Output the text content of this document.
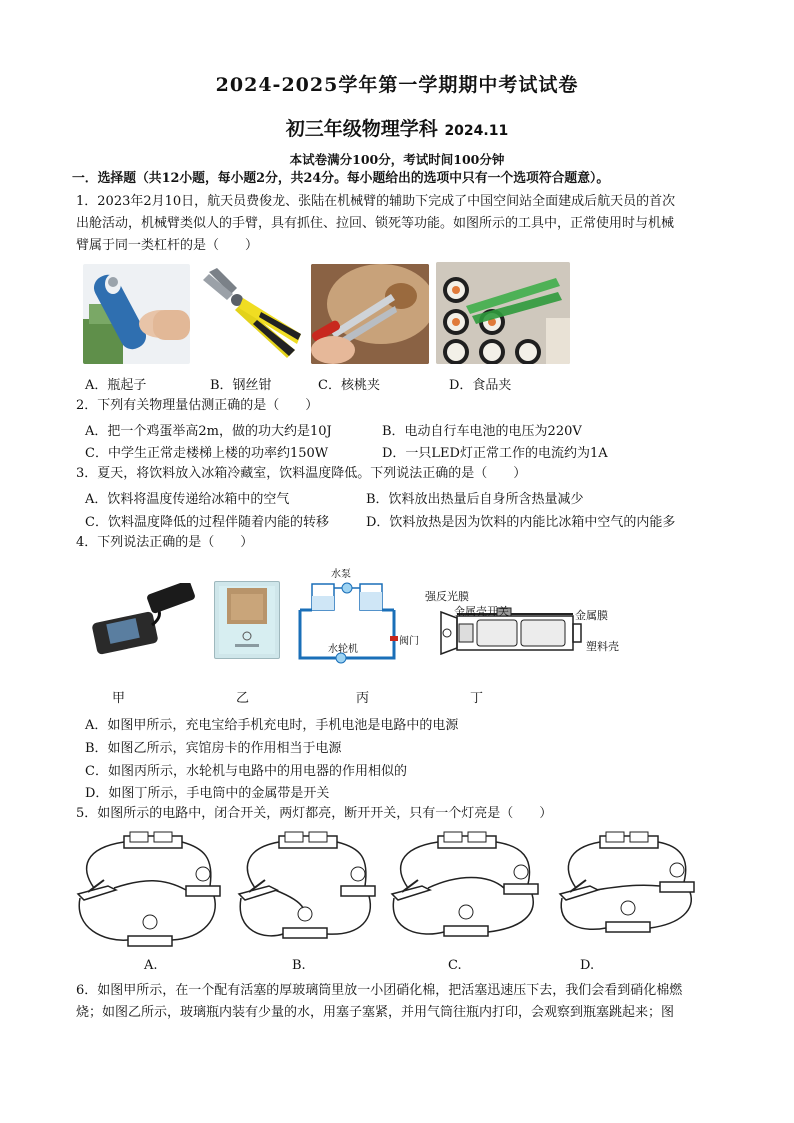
2024-2025学年第一学期期中考试试卷
初三年级物理学科 2024.11
本试卷满分100分，考试时间100分钟
一．选择题（共12小题，每小题2分，共24分。每小题给出的选项中只有一个选项符合题意）。
1．2023年2月10日，航天员费俊龙、张陆在机械臂的辅助下完成了中国空间站全面建成后航天员的首次
出舱活动，机械臂类似人的手臂，具有抓住、拉回、锁死等功能。如图所示的工具中，正常使用时与机械
臂属于同一类杠杆的是（　　）
A．瓶起子	B．钢丝钳	C．核桃夹	D．食品夹
2．下列有关物理量估测正确的是（　　）
A．把一个鸡蛋举高2m，做的功大约是10J	B．电动自行车电池的电压为220V
C．中学生正常走楼梯上楼的功率约150W	D．一只LED灯正常工作的电流约为1A
3．夏天，将饮料放入冰箱冷藏室，饮料温度降低。下列说法正确的是（　　）
A．饮料将温度传递给冰箱中的空气	B．饮料放出热量后自身所含热量减少
C．饮料温度降低的过程伴随着内能的转移	D．饮料放热是因为饮料的内能比冰箱中空气的内能多
4．下列说法正确的是（　　）
水泵
水轮机
阀门
强反光膜
金属壳开关	金属膜
塑料壳
甲	乙	丙	丁
A．如图甲所示，充电宝给手机充电时，手机电池是电路中的电源
B．如图乙所示，宾馆房卡的作用相当于电源
C．如图丙所示，水轮机与电路中的用电器的作用相似的
D．如图丁所示，手电筒中的金属带是开关
5．如图所示的电路中，闭合开关，两灯都亮，断开开关，只有一个灯亮是（　　）
A.	B.	C.	D.
6．如图甲所示，在一个配有活塞的厚玻璃筒里放一小团硝化棉，把活塞迅速压下去，我们会看到硝化棉燃
烧；如图乙所示，玻璃瓶内装有少量的水，用塞子塞紧，并用气筒往瓶内打印，会观察到瓶塞跳起来；图
